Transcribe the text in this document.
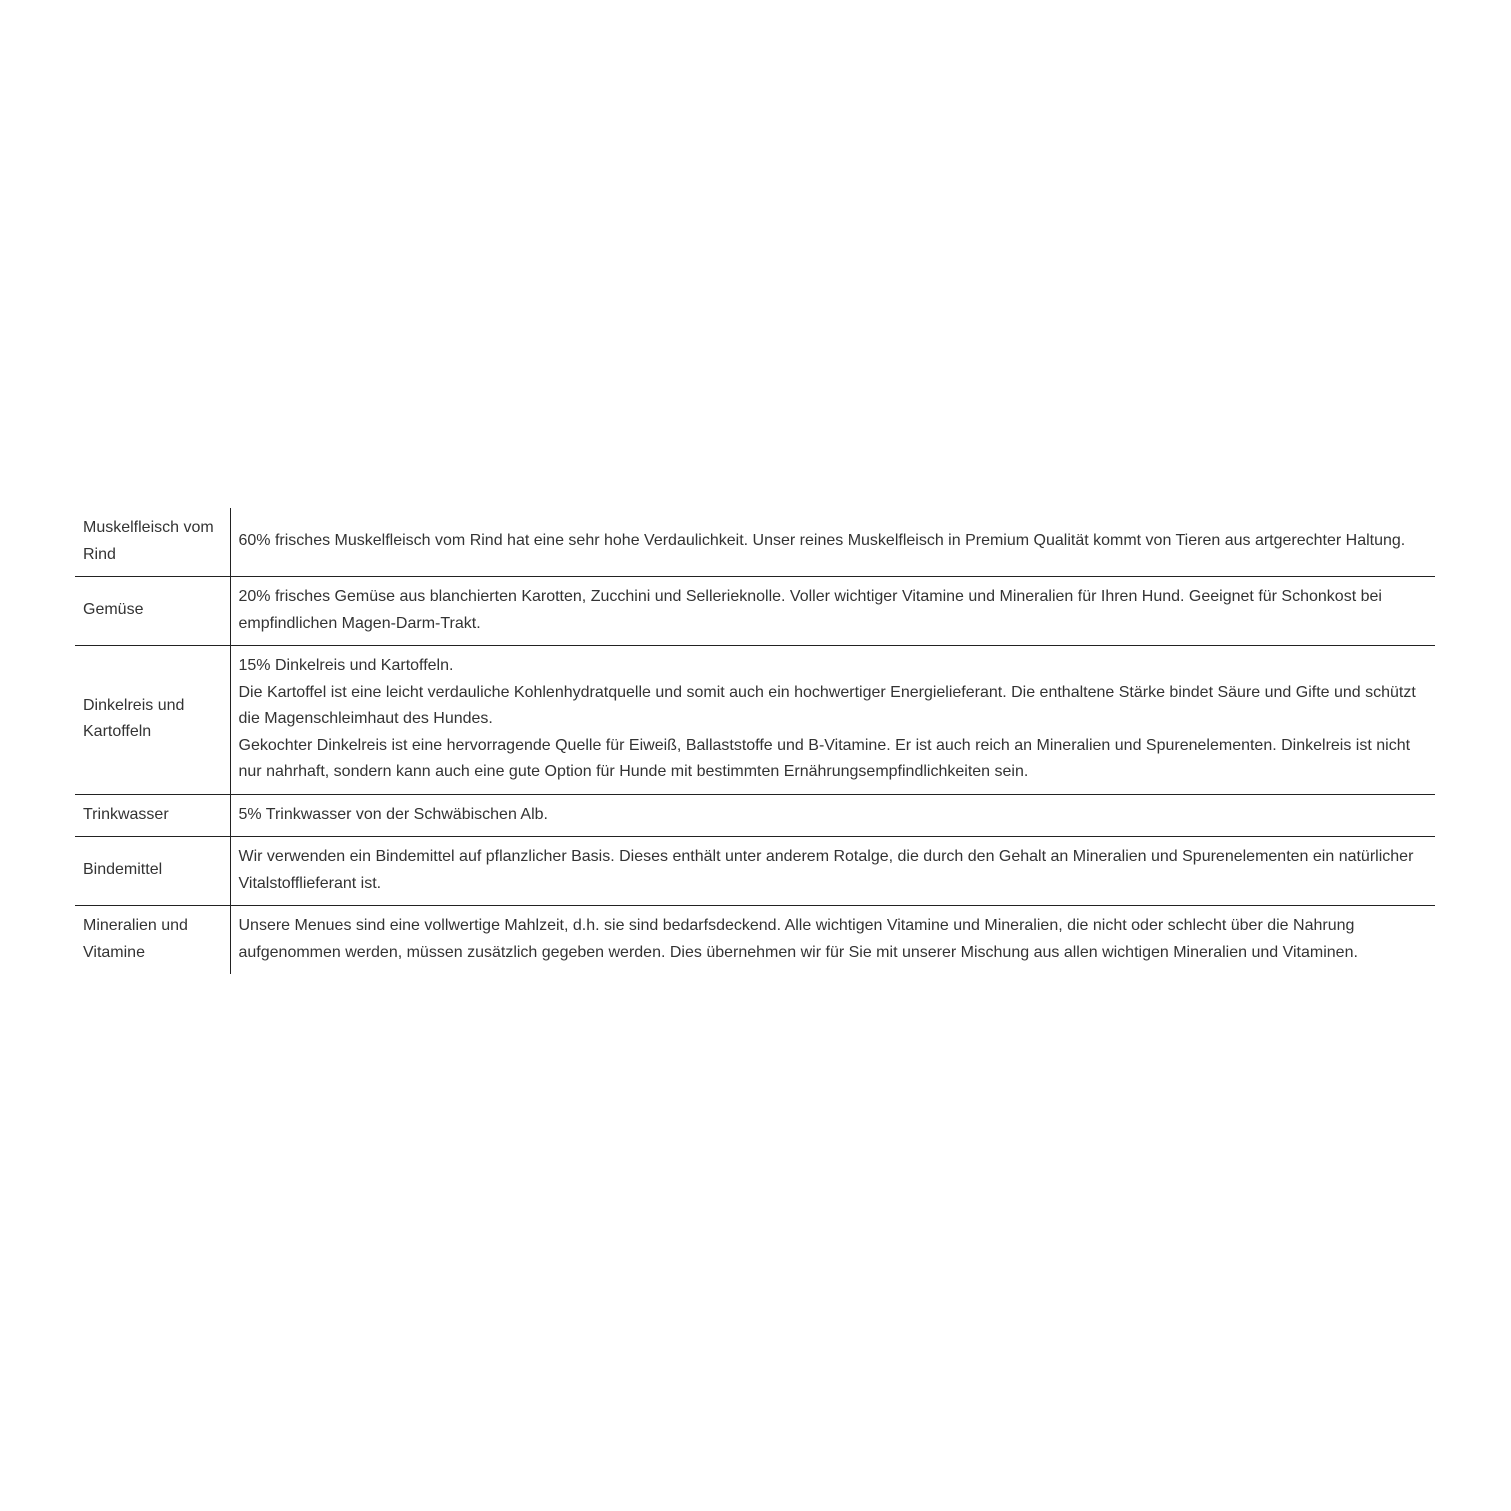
Muskelfleisch vom Rind	60% frisches Muskelfleisch vom Rind hat eine sehr hohe Verdaulichkeit. Unser reines Muskelfleisch in Premium Qualität kommt von Tieren aus artgerechter Haltung.

Gemüse	20% frisches Gemüse aus blanchierten Karotten, Zucchini und Sellerieknolle. Voller wichtiger Vitamine und Mineralien für Ihren Hund. Geeignet für Schonkost bei empfindlichen Magen-Darm-Trakt.

Dinkelreis und Kartoffeln	15% Dinkelreis und Kartoffeln.
Die Kartoffel ist eine leicht verdauliche Kohlenhydratquelle und somit auch ein hochwertiger Energielieferant. Die enthaltene Stärke bindet Säure und Gifte und schützt die Magenschleimhaut des Hundes.
Gekochter Dinkelreis ist eine hervorragende Quelle für Eiweiß, Ballaststoffe und B-Vitamine. Er ist auch reich an Mineralien und Spurenelementen. Dinkelreis ist nicht nur nahrhaft, sondern kann auch eine gute Option für Hunde mit bestimmten Ernährungsempfindlichkeiten sein.

Trinkwasser	5% Trinkwasser von der Schwäbischen Alb.

Bindemittel	Wir verwenden ein Bindemittel auf pflanzlicher Basis. Dieses enthält unter anderem Rotalge, die durch den Gehalt an Mineralien und Spurenelementen ein natürlicher Vitalstofflieferant ist.

Mineralien und Vitamine	Unsere Menues sind eine vollwertige Mahlzeit, d.h. sie sind bedarfsdeckend. Alle wichtigen Vitamine und Mineralien, die nicht oder schlecht über die Nahrung aufgenommen werden, müssen zusätzlich gegeben werden. Dies übernehmen wir für Sie mit unserer Mischung aus allen wichtigen Mineralien und Vitaminen.
